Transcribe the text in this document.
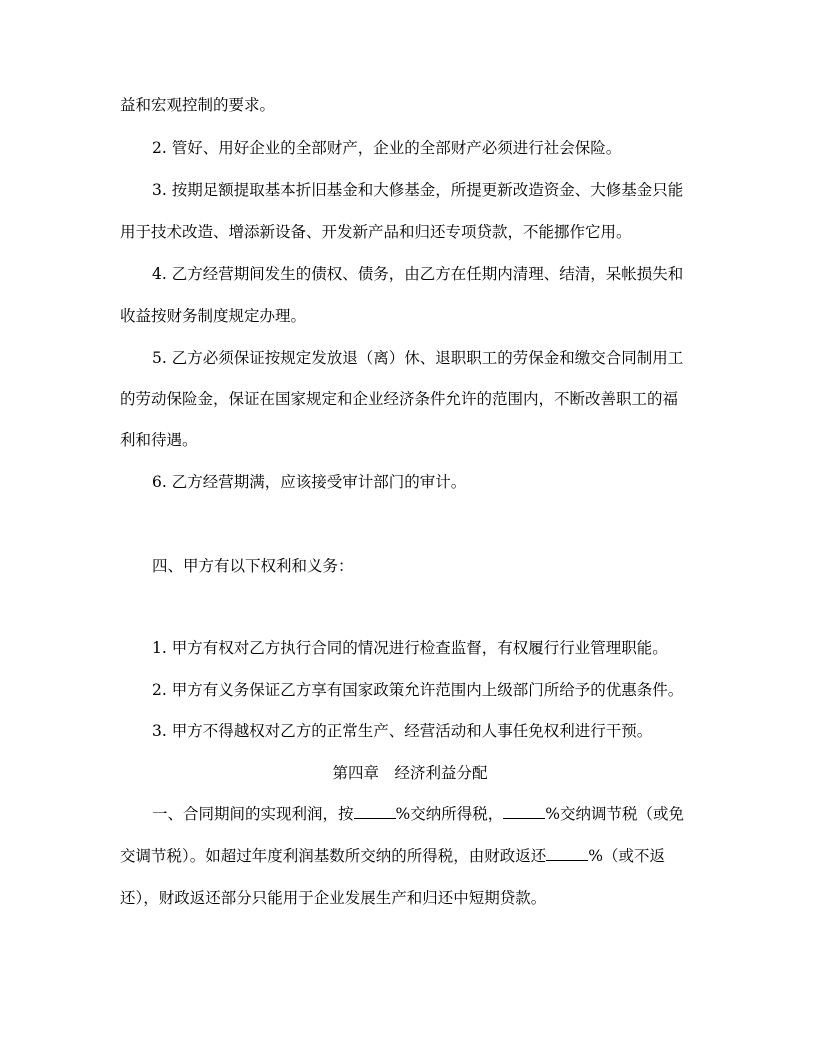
益和宏观控制的要求。
2. 管好、用好企业的全部财产，企业的全部财产必须进行社会保险。
3. 按期足额提取基本折旧基金和大修基金，所提更新改造资金、大修基金只能
用于技术改造、增添新设备、开发新产品和归还专项贷款，不能挪作它用。
4. 乙方经营期间发生的债权、债务，由乙方在任期内清理、结清，呆帐损失和
收益按财务制度规定办理。
5. 乙方必须保证按规定发放退（离）休、退职职工的劳保金和缴交合同制用工
的劳动保险金，保证在国家规定和企业经济条件允许的范围内，不断改善职工的福
利和待遇。
6. 乙方经营期满，应该接受审计部门的审计。
四、甲方有以下权利和义务：
1. 甲方有权对乙方执行合同的情况进行检查监督，有权履行行业管理职能。
2. 甲方有义务保证乙方享有国家政策允许范围内上级部门所给予的优惠条件。
3. 甲方不得越权对乙方的正常生产、经营活动和人事任免权利进行干预。
第四章　经济利益分配
一、合同期间的实现利润，按	%交纳所得税，	%交纳调节税（或免
交调节税）。如超过年度利润基数所交纳的所得税，由财政返还	%（或不返
还），财政返还部分只能用于企业发展生产和归还中短期贷款。
